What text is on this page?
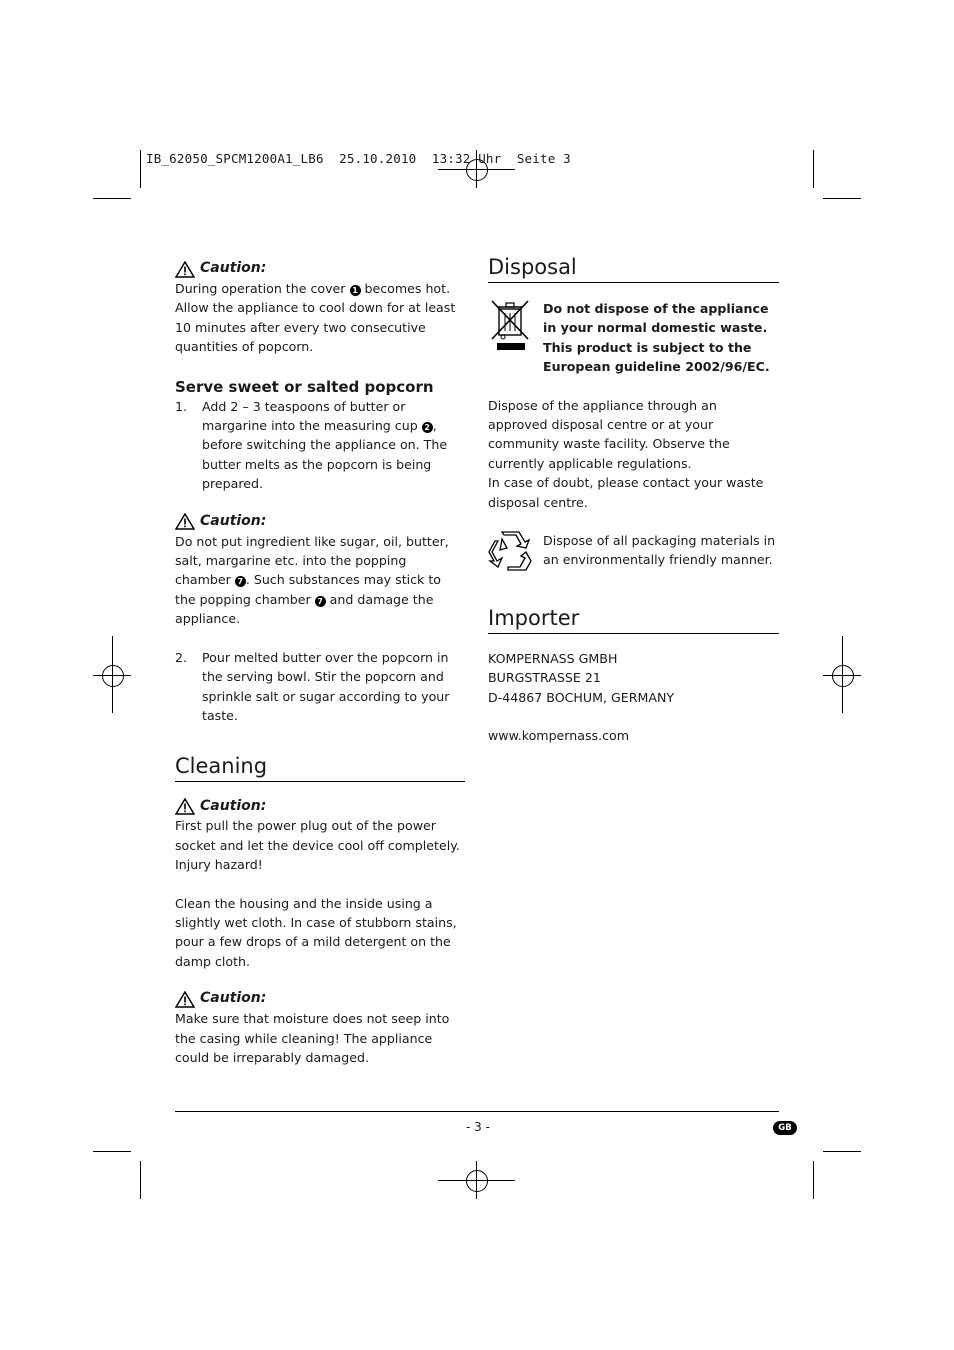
IB_62050_SPCM1200A1_LB6  25.10.2010  13:32 Uhr  Seite 3
Caution:

During operation the cover 1 becomes hot.

Allow the appliance to cool down for at least 10 minutes after every two consecutive quantities of popcorn.

Serve sweet or salted popcorn
1.	Add 2 – 3 teaspoons of butter or margarine into the measuring cup 2 , before switching the appliance on. The butter melts as the popcorn is being prepared.

Caution:

Do not put ingredient like sugar, oil, butter, salt, margarine etc. into the popping chamber 7 . Such substances may stick to the popping chamber 7 and damage the appliance.

2.	Pour melted butter over the popcorn in the serving bowl. Stir the popcorn and sprinkle salt or sugar according to your taste.

Cleaning
Caution:

First pull the power plug out of the power socket and let the device cool off completely. Injury hazard!

Clean the housing and the inside using a slightly wet cloth. In case of stubborn stains, pour a few drops of a mild detergent on the damp cloth.

Caution:

Make sure that moisture does not seep into the casing while cleaning! The appliance could be irreparably damaged.

Disposal

Do not dispose of the appliance in your normal domestic waste. This product is subject to the European guideline 2002/96/EC.

Dispose of the appliance through an approved disposal centre or at your community waste facility. Observe the currently applicable regulations.

In case of doubt, please contact your waste disposal centre.

Dispose of all packaging materials in an environmentally friendly manner.

Importer

KOMPERNASS GMBH

BURGSTRASSE 21

D-44867 BOCHUM, GERMANY

www.kompernass.com

- 3 -	GB
